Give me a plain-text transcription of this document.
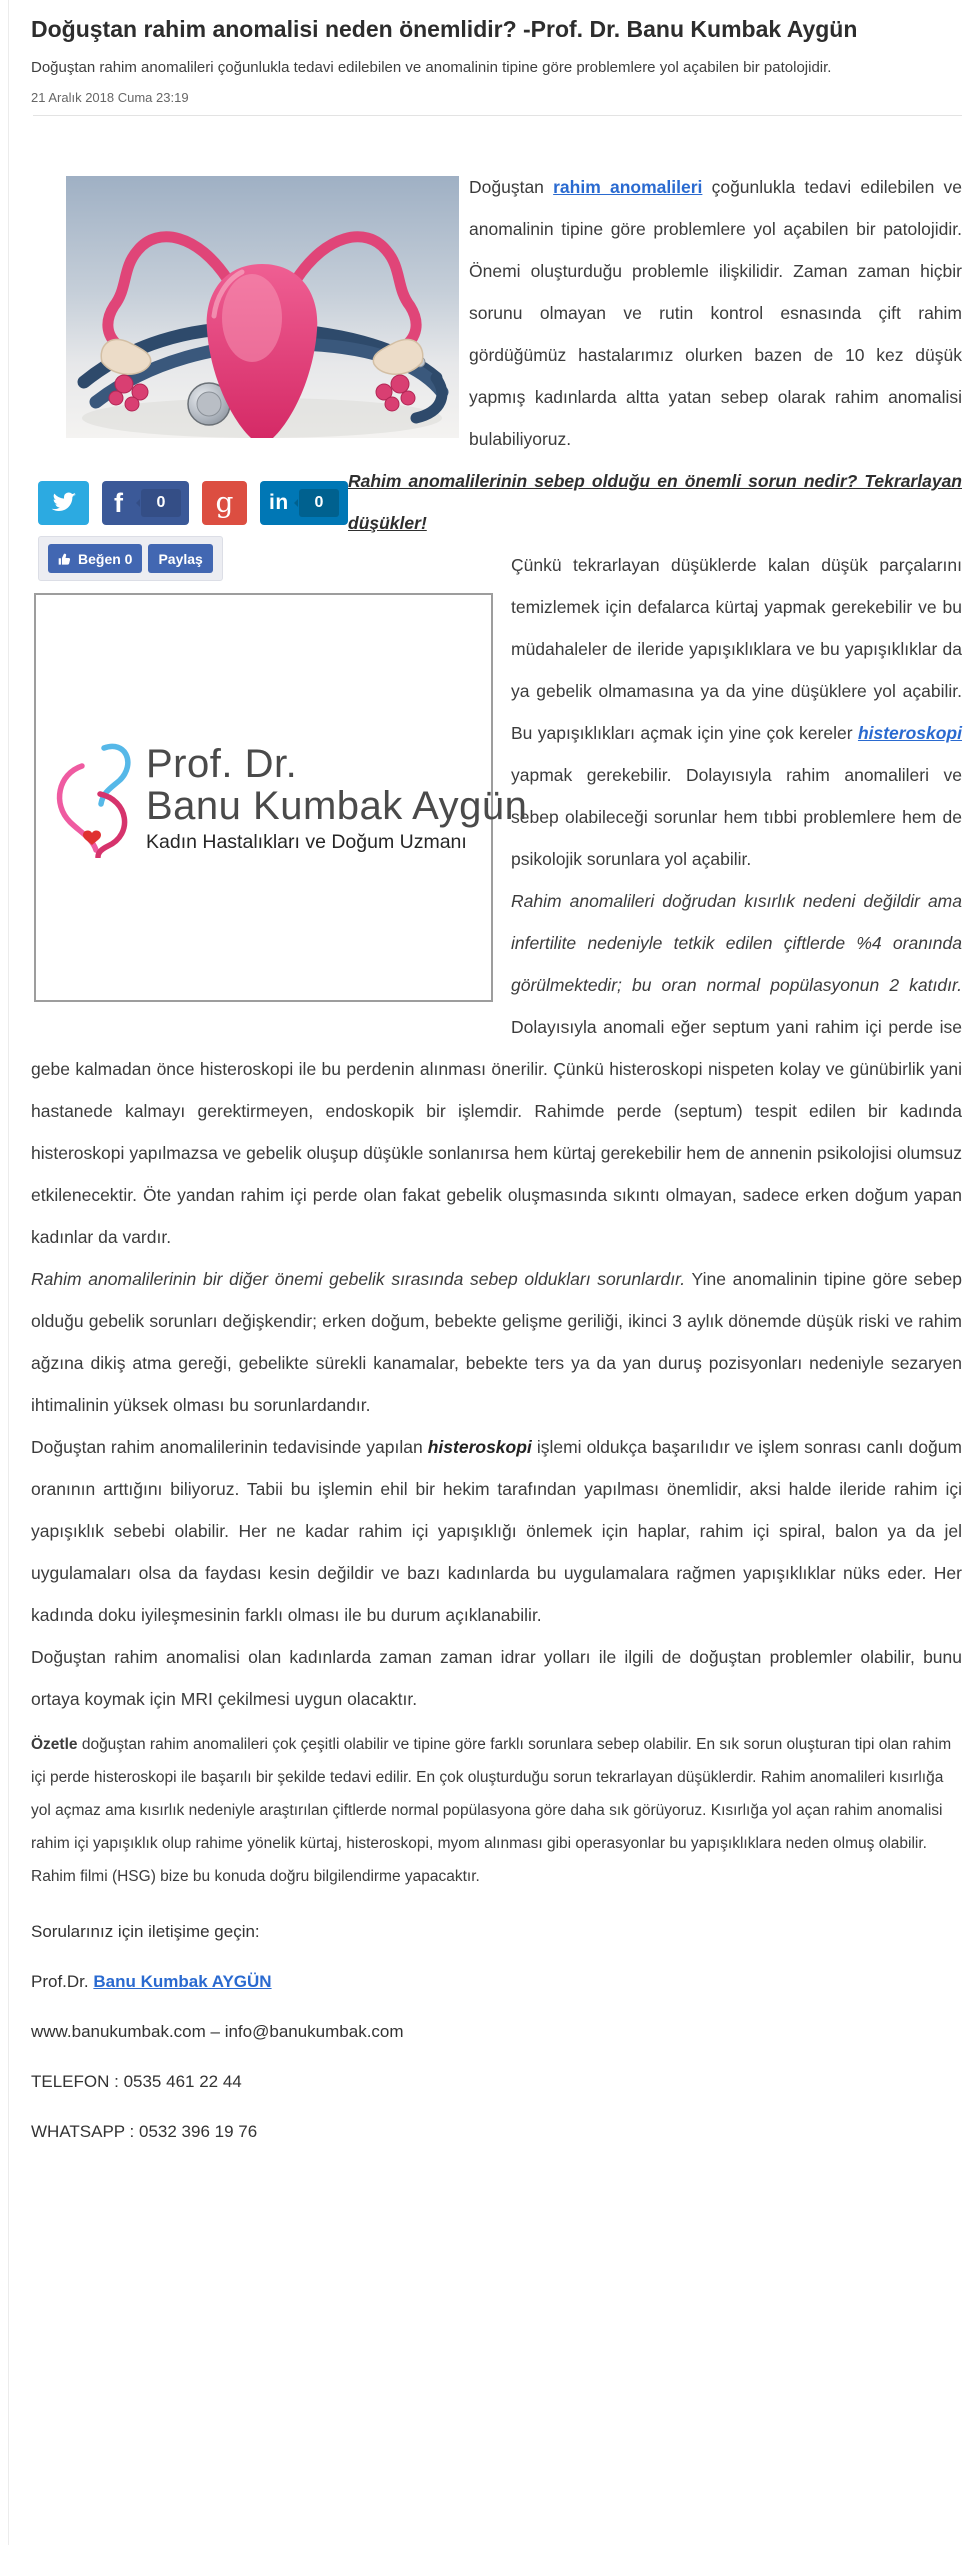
Doğuştan rahim anomalisi neden önemlidir? -Prof. Dr. Banu Kumbak Aygün

Doğuştan rahim anomalileri çoğunlukla tedavi edilebilen ve anomalinin tipine göre problemlere yol açabilen bir patolojidir.

21 Aralık 2018 Cuma 23:19

f	0	g in	0
Beğen 0 Paylaş
Prof. Dr.
Banu Kumbak Aygün
Kadın Hastalıkları ve Doğum Uzmanı

Doğuştan rahim anomalileri çoğunlukla tedavi edilebilen ve anomalinin tipine göre problemlere yol açabilen bir patolojidir. Önemi oluşturduğu problemle ilişkilidir. Zaman zaman hiçbir sorunu olmayan ve rutin kontrol esnasında çift rahim gördüğümüz hastalarımız olurken bazen de 10 kez düşük yapmış kadınlarda altta yatan sebep olarak rahim anomalisi bulabiliyoruz.

Rahim anomalilerinin sebep olduğu en önemli sorun nedir? Tekrarlayan düşükler!

Çünkü tekrarlayan düşüklerde kalan düşük parçalarını temizlemek için defalarca kürtaj yapmak gerekebilir ve bu müdahaleler de ileride yapışıklıklara ve bu yapışıklıklar da ya gebelik olmamasına ya da yine düşüklere yol açabilir. Bu yapışıklıkları açmak için yine çok kereler histeroskopi yapmak gerekebilir. Dolayısıyla rahim anomalileri ve sebep olabileceği sorunlar hem tıbbi problemlere hem de psikolojik sorunlara yol açabilir.

Rahim anomalileri doğrudan kısırlık nedeni değildir ama infertilite nedeniyle tetkik edilen çiftlerde %4 oranında görülmektedir; bu oran normal popülasyonun 2 katıdır. Dolayısıyla anomali eğer septum yani rahim içi perde ise gebe kalmadan önce histeroskopi ile bu perdenin alınması önerilir. Çünkü histeroskopi nispeten kolay ve günübirlik yani hastanede kalmayı gerektirmeyen, endoskopik bir işlemdir. Rahimde perde (septum) tespit edilen bir kadında histeroskopi yapılmazsa ve gebelik oluşup düşükle sonlanırsa hem kürtaj gerekebilir hem de annenin psikolojisi olumsuz etkilenecektir. Öte yandan rahim içi perde olan fakat gebelik oluşmasında sıkıntı olmayan, sadece erken doğum yapan kadınlar da vardır.

Rahim anomalilerinin bir diğer önemi gebelik sırasında sebep oldukları sorunlardır. Yine anomalinin tipine göre sebep olduğu gebelik sorunları değişkendir; erken doğum, bebekte gelişme geriliği, ikinci 3 aylık dönemde düşük riski ve rahim ağzına dikiş atma gereği, gebelikte sürekli kanamalar, bebekte ters ya da yan duruş pozisyonları nedeniyle sezaryen ihtimalinin yüksek olması bu sorunlardandır.

Doğuştan rahim anomalilerinin tedavisinde yapılan histeroskopi işlemi oldukça başarılıdır ve işlem sonrası canlı doğum oranının arttığını biliyoruz. Tabii bu işlemin ehil bir hekim tarafından yapılması önemlidir, aksi halde ileride rahim içi yapışıklık sebebi olabilir. Her ne kadar rahim içi yapışıklığı önlemek için haplar, rahim içi spiral, balon ya da jel uygulamaları olsa da faydası kesin değildir ve bazı kadınlarda bu uygulamalara rağmen yapışıklıklar nüks eder. Her kadında doku iyileşmesinin farklı olması ile bu durum açıklanabilir.

Doğuştan rahim anomalisi olan kadınlarda zaman zaman idrar yolları ile ilgili de doğuştan problemler olabilir, bunu ortaya koymak için MRI çekilmesi uygun olacaktır.

Özetle doğuştan rahim anomalileri çok çeşitli olabilir ve tipine göre farklı sorunlara sebep olabilir. En sık sorun oluşturan tipi olan rahim içi perde histeroskopi ile başarılı bir şekilde tedavi edilir. En çok oluşturduğu sorun tekrarlayan düşüklerdir. Rahim anomalileri kısırlığa yol açmaz ama kısırlık nedeniyle araştırılan çiftlerde normal popülasyona göre daha sık görüyoruz. Kısırlığa yol açan rahim anomalisi rahim içi yapışıklık olup rahime yönelik kürtaj, histeroskopi, myom alınması gibi operasyonlar bu yapışıklıklara neden olmuş olabilir. Rahim filmi (HSG) bize bu konuda doğru bilgilendirme yapacaktır.

Sorularınız için iletişime geçin:

Prof.Dr. Banu Kumbak AYGÜN

www.banukumbak.com – info@banukumbak.com

TELEFON : 0535 461 22 44

WHATSAPP : 0532 396 19 76
